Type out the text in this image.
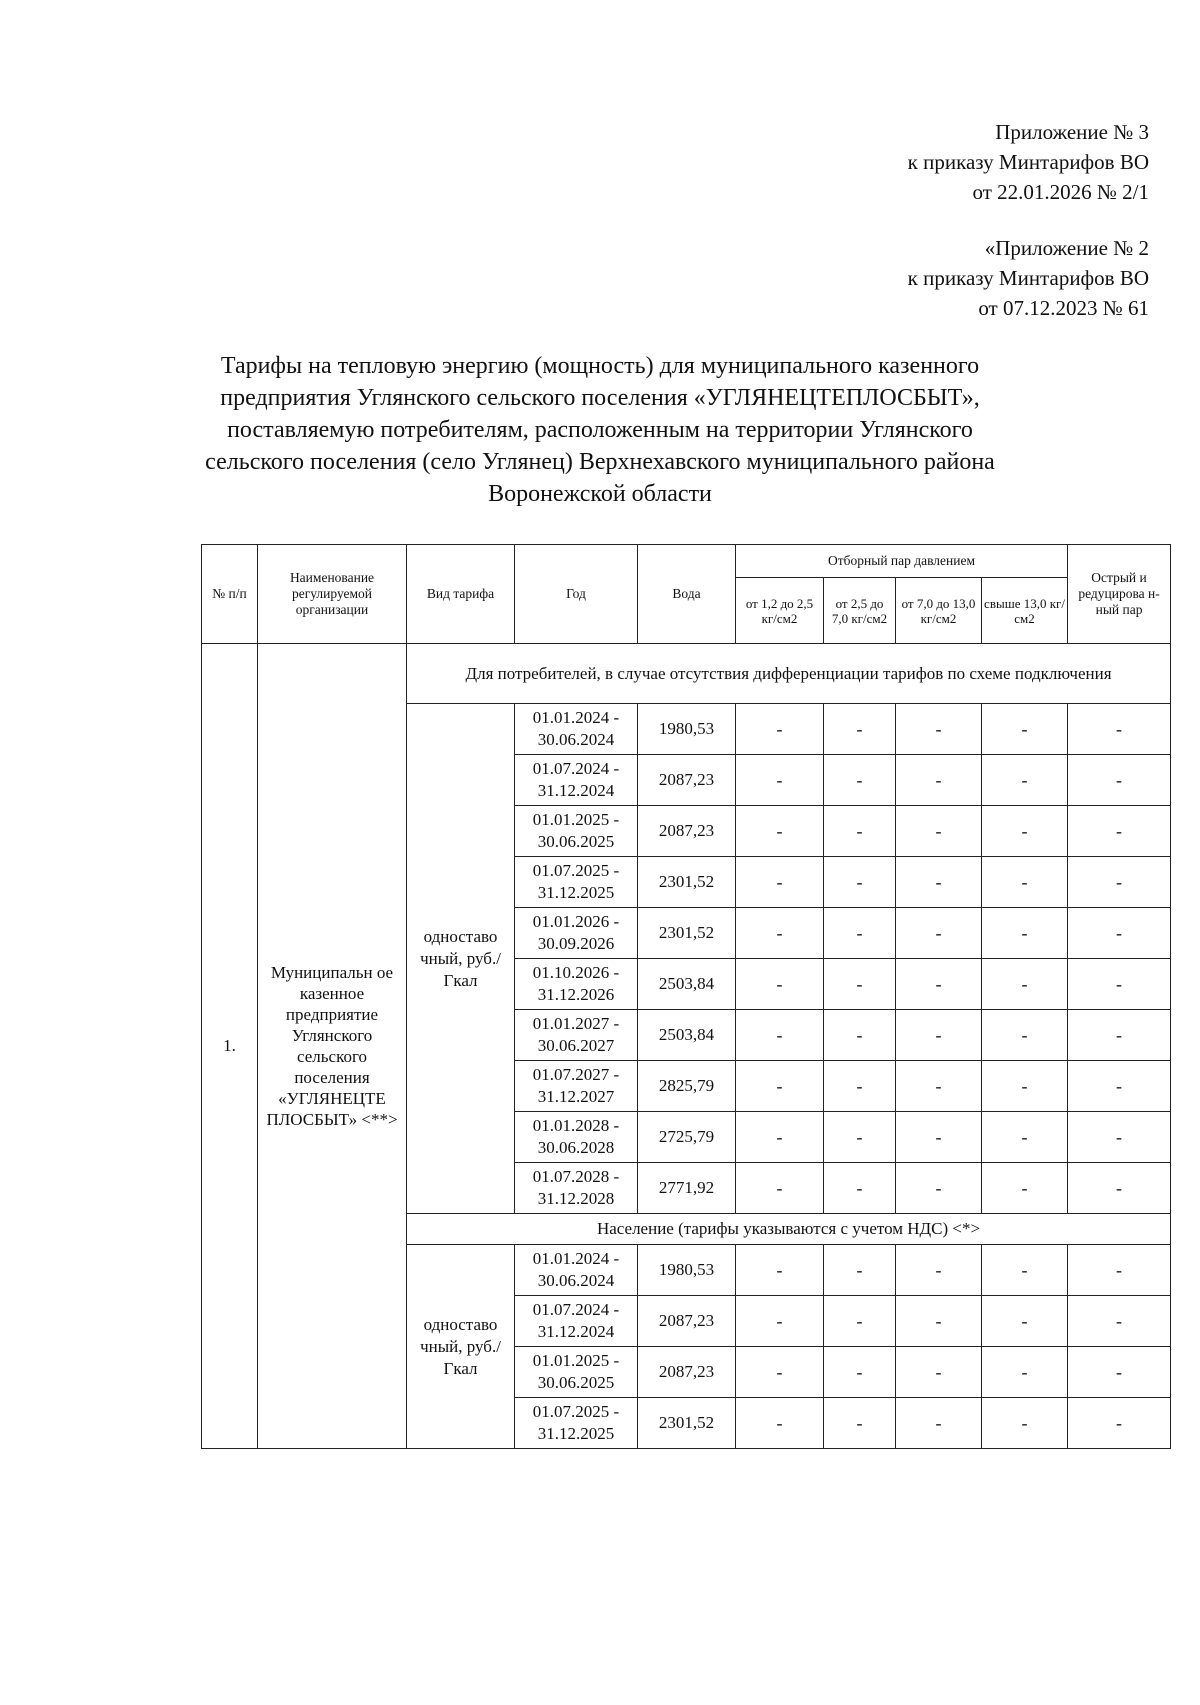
Приложение № 3
к приказу Минтарифов ВО
от 22.01.2026 № 2/1
«Приложение № 2
к приказу Минтарифов ВО
от 07.12.2023 № 61
Тарифы на тепловую энергию (мощность) для муниципального казенного
предприятия Углянского сельского поселения «УГЛЯНЕЦТЕПЛОСБЫТ»,
поставляемую потребителям, расположенным на территории Углянского
сельского поселения (село Углянец) Верхнехавского муниципального района
Воронежской области
№ п/п	Наименование регулируемой организации	Вид тарифа	Год	Вода	Отборный пар давлением				Острый и редуцирова н- ный пар
					от 1,2 до 2,5 кг/см2	от 2,5 до 7,0 кг/см2	от 7,0 до 13,0 кг/см2	свыше 13,0 кг/см2	
1.	Муниципальн ое казенное предприятие Углянского сельского поселения «УГЛЯНЕЦТЕ ПЛОСБЫТ» <**>	Для потребителей, в случае отсутствия дифференциации тарифов по схеме подключения							
		одноставо чный, руб./Гкал	01.01.2024 - 30.06.2024	1980,53	-	-	-	-	-
			01.07.2024 - 31.12.2024	2087,23	-	-	-	-	-
			01.01.2025 - 30.06.2025	2087,23	-	-	-	-	-
			01.07.2025 - 31.12.2025	2301,52	-	-	-	-	-
			01.01.2026 - 30.09.2026	2301,52	-	-	-	-	-
			01.10.2026 - 31.12.2026	2503,84	-	-	-	-	-
			01.01.2027 - 30.06.2027	2503,84	-	-	-	-	-
			01.07.2027 - 31.12.2027	2825,79	-	-	-	-	-
			01.01.2028 - 30.06.2028	2725,79	-	-	-	-	-
			01.07.2028 - 31.12.2028	2771,92	-	-	-	-	-
		Население (тарифы указываются с учетом НДС) <*>							
		одноставо чный, руб./Гкал	01.01.2024 - 30.06.2024	1980,53	-	-	-	-	-
			01.07.2024 - 31.12.2024	2087,23	-	-	-	-	-
			01.01.2025 - 30.06.2025	2087,23	-	-	-	-	-
			01.07.2025 - 31.12.2025	2301,52	-	-	-	-	-
